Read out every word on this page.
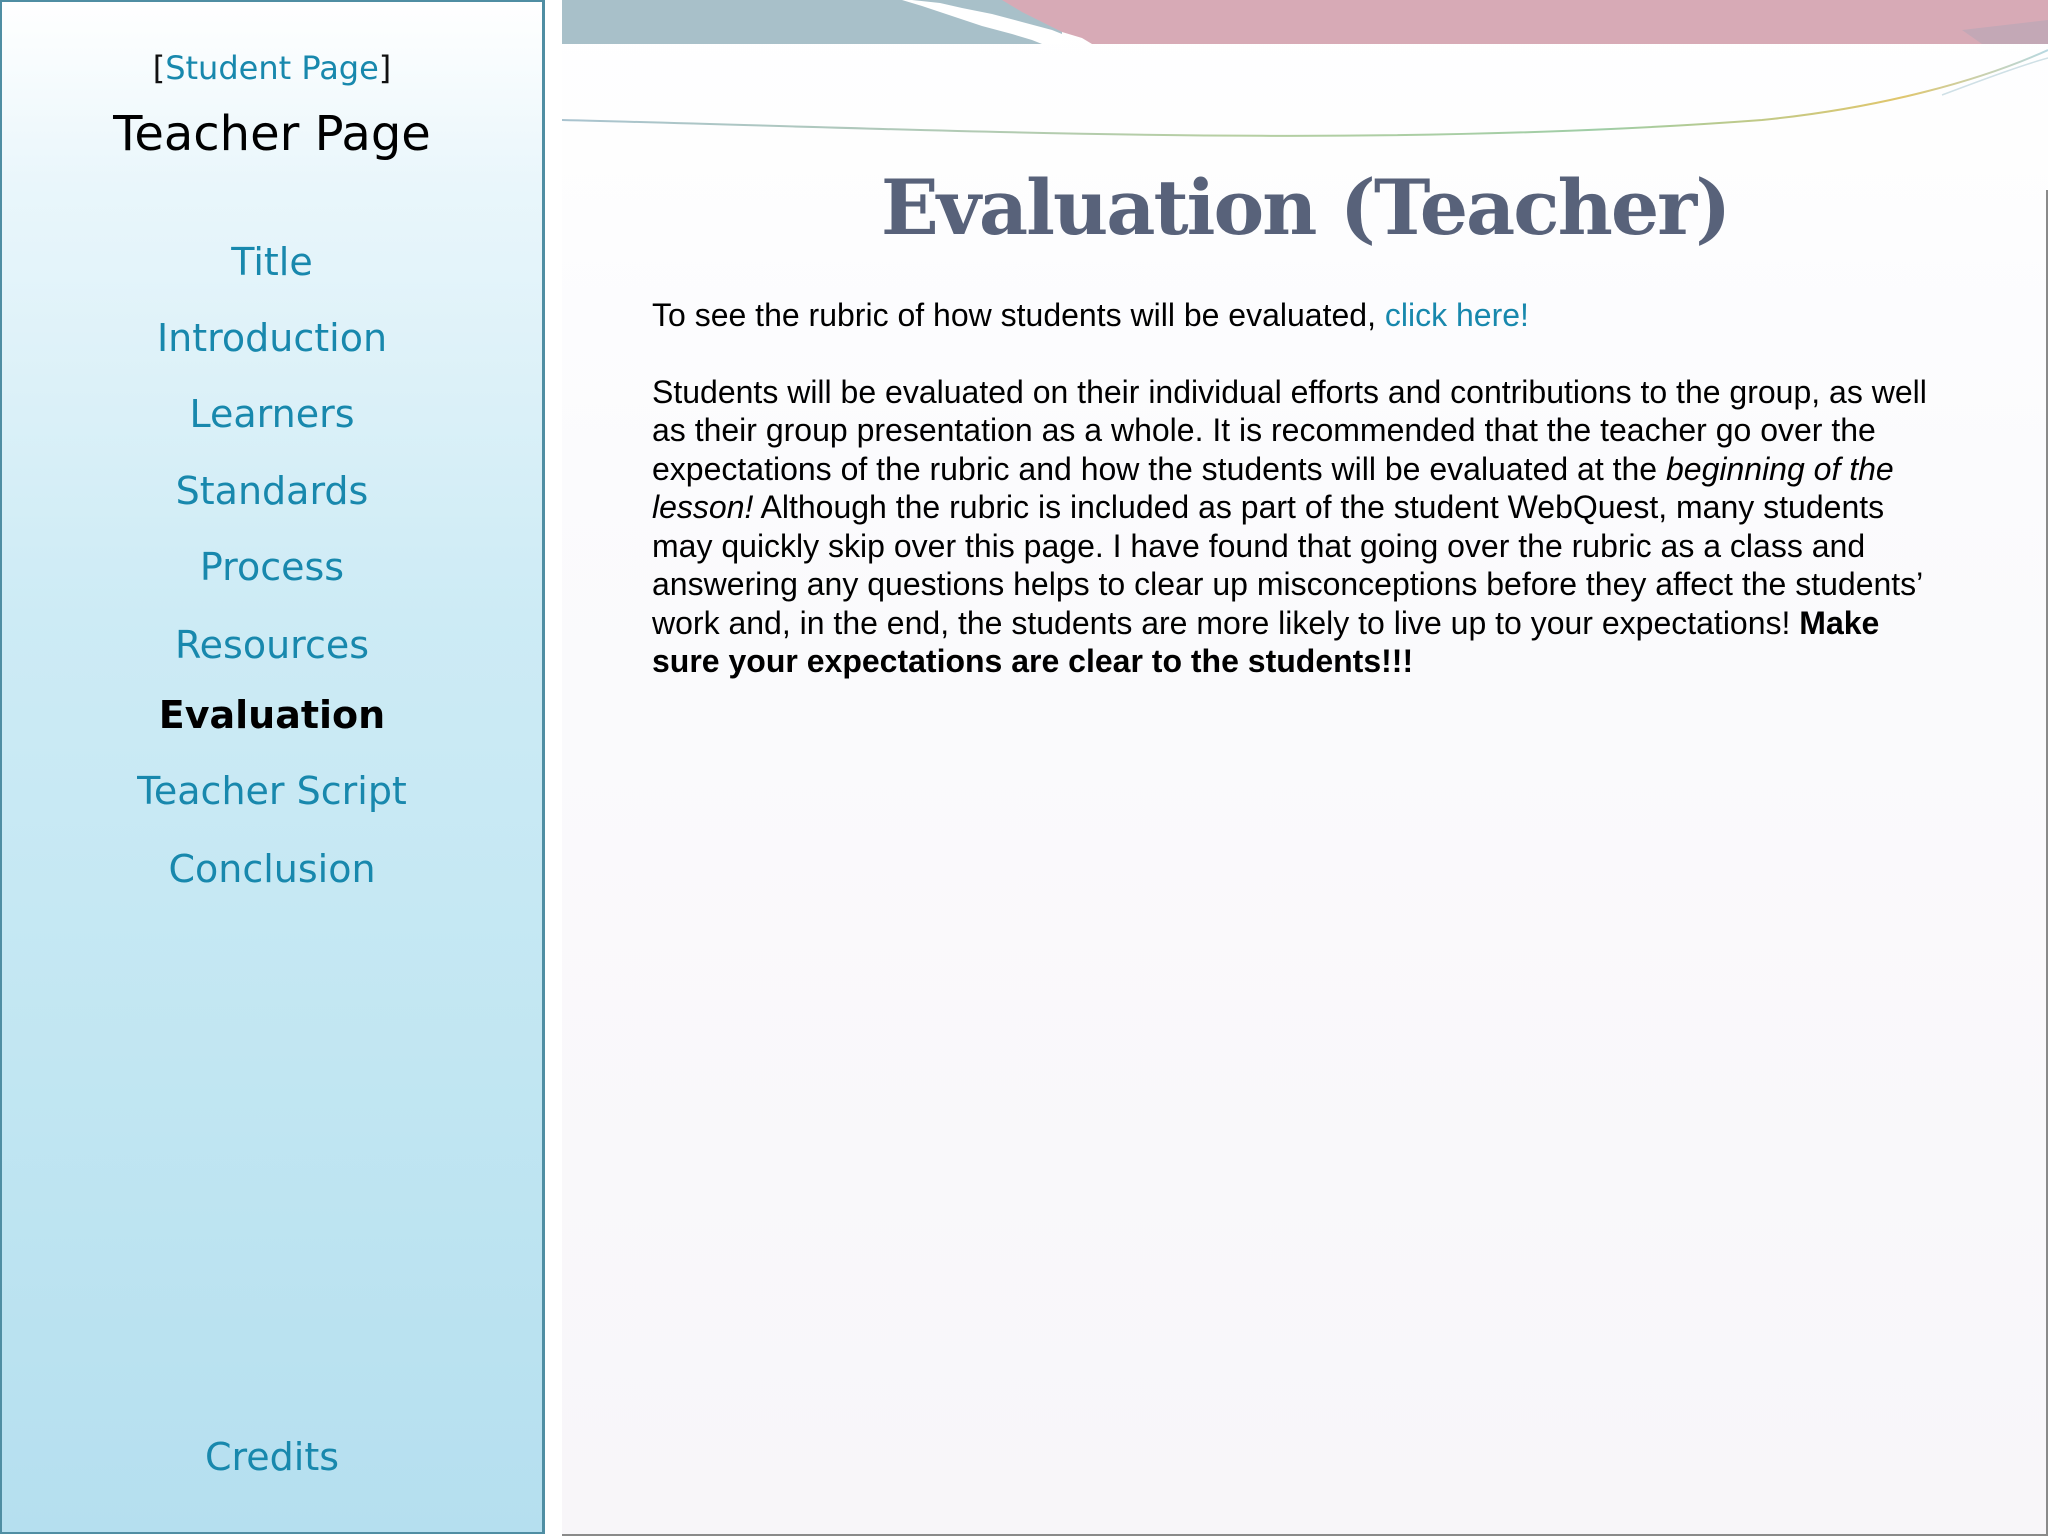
[Student Page]
Teacher Page
Title
Introduction
Learners
Standards
Process
Resources
Evaluation
Teacher Script
Conclusion
Credits
Evaluation (Teacher)

To see the rubric of how students will be evaluated, click here!

Students will be evaluated on their individual efforts and contributions to the group, as well as their group presentation as a whole. It is recommended that the teacher go over the expectations of the rubric and how the students will be evaluated at the beginning of the lesson! Although the rubric is included as part of the student WebQuest, many students may quickly skip over this page. I have found that going over the rubric as a class and answering any questions helps to clear up misconceptions before they affect the students’ work and, in the end, the students are more likely to live up to your expectations! Make sure your expectations are clear to the students!!!
